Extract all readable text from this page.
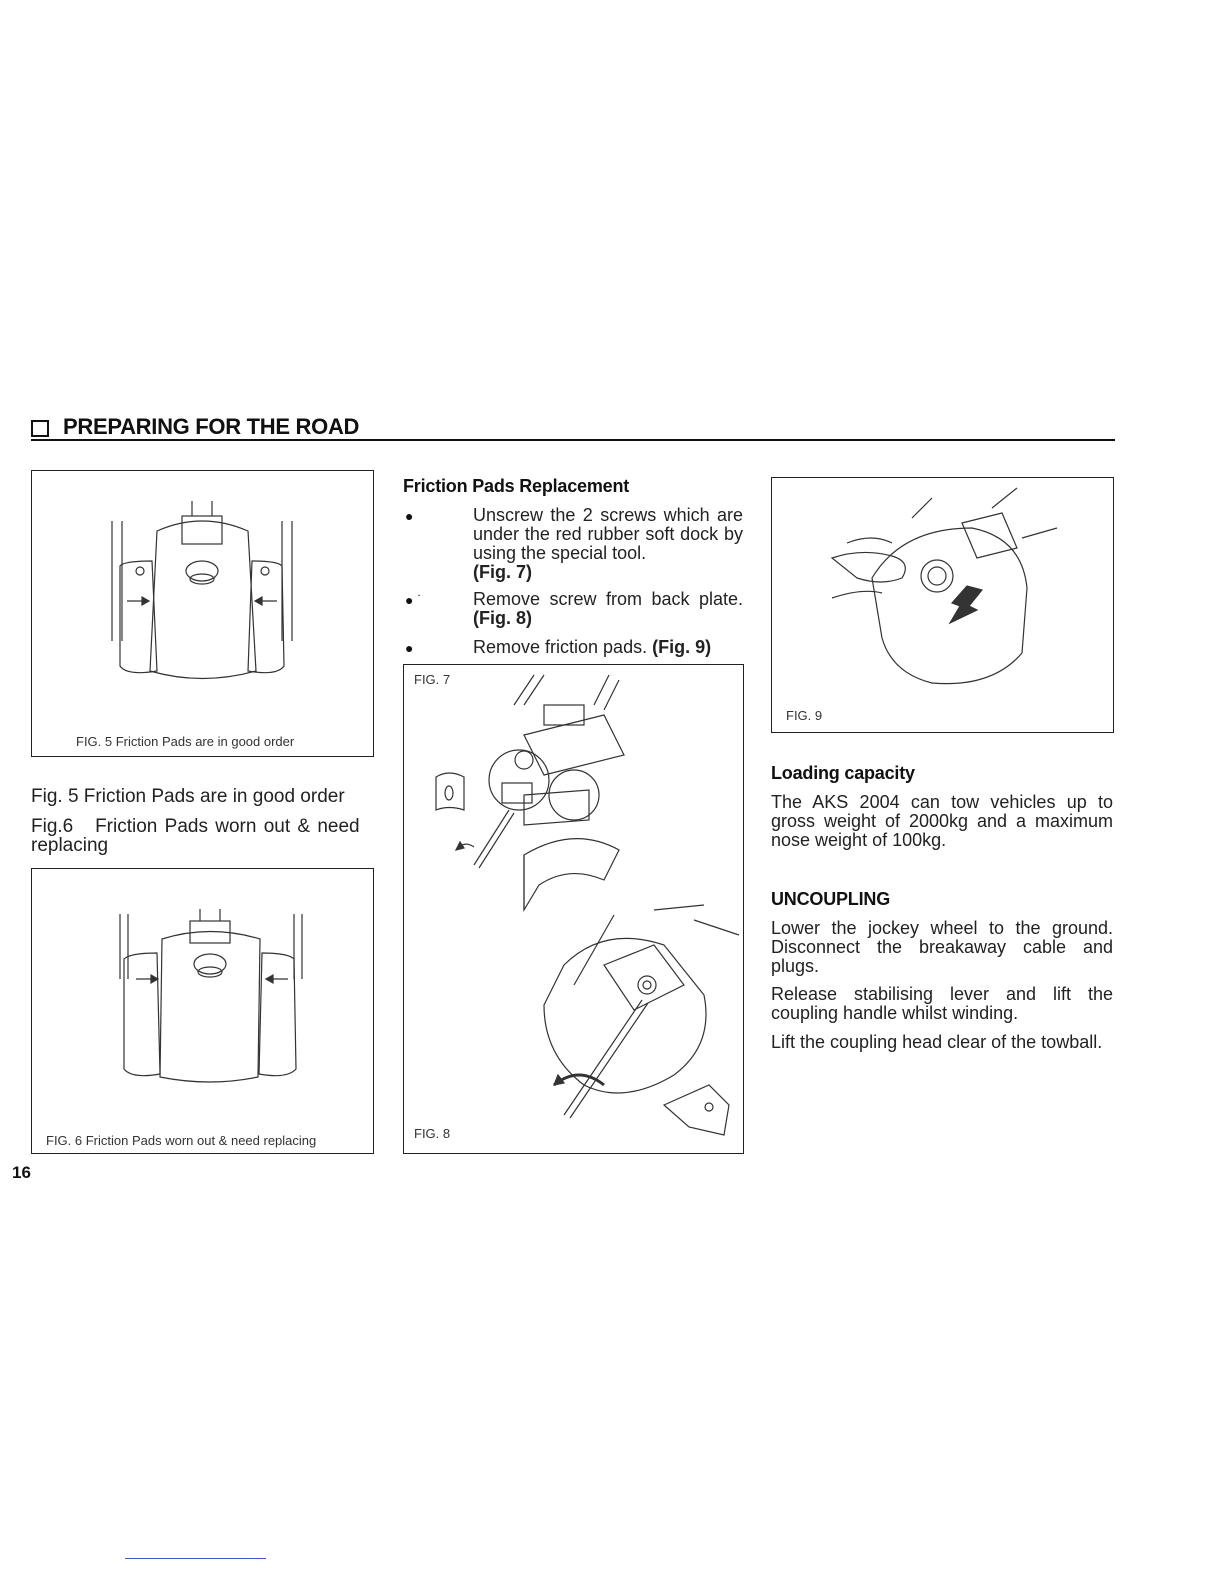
PREPARING FOR THE ROAD
FIG. 5 Friction Pads are in good order
Fig. 5 Friction Pads are in good order
Fig.6   Friction Pads worn out & need
replacing
FIG. 6 Friction Pads worn out & need replacing
16
Friction Pads Replacement
●	Unscrew the 2 screws which are under the red rubber soft dock by using the special tool.
(Fig. 7)
● ˙	Remove screw from back plate. (Fig. 8)
●	Remove friction pads. (Fig. 9)
FIG. 7
FIG. 8
FIG. 9
Loading capacity
The AKS 2004 can tow vehicles up to gross weight of 2000kg and a maximum nose weight of 100kg.
UNCOUPLING
Lower the jockey wheel to the ground. Disconnect the breakaway cable and plugs.
Release stabilising lever and lift the coupling handle whilst winding.
Lift the coupling head clear of the towball.
